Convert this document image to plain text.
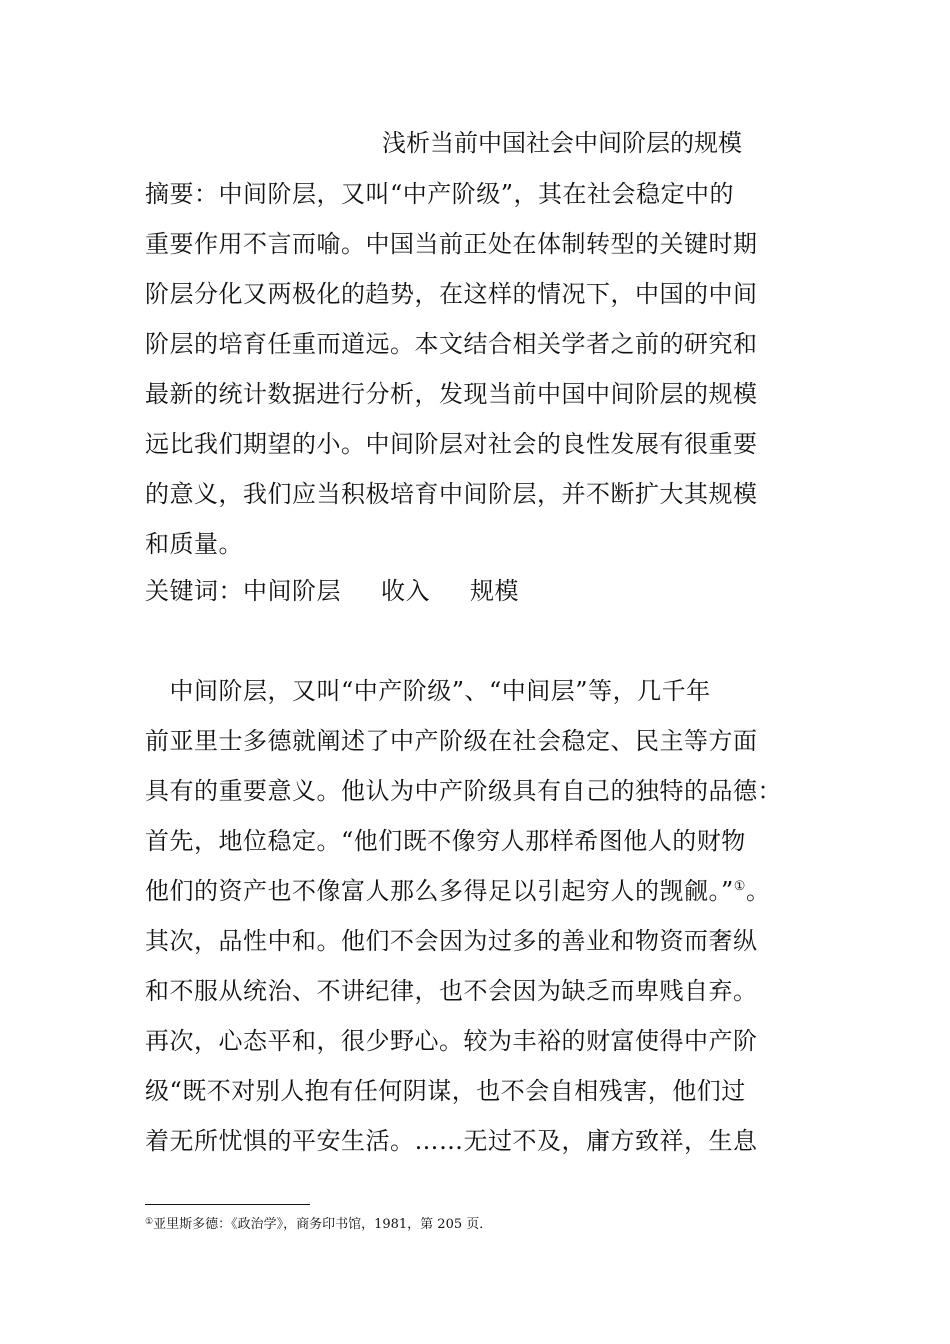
浅析当前中国社会中间阶层的规模
摘要：中间阶层，又叫“中产阶级”，其在社会稳定中的
重要作用不言而喻。中国当前正处在体制转型的关键时期
阶层分化又两极化的趋势，在这样的情况下，中国的中间
阶层的培育任重而道远。本文结合相关学者之前的研究和
最新的统计数据进行分析，发现当前中国中间阶层的规模
远比我们期望的小。中间阶层对社会的良性发展有很重要
的意义，我们应当积极培育中间阶层，并不断扩大其规模
和质量。
关键词：中间阶层 收入 规模
　中间阶层，又叫“中产阶级”、“中间层”等，几千年
前亚里士多德就阐述了中产阶级在社会稳定、民主等方面
具有的重要意义。他认为中产阶级具有自己的独特的品德：
首先，地位稳定。“他们既不像穷人那样希图他人的财物
他们的资产也不像富人那么多得足以引起穷人的觊觎。”①。
其次，品性中和。他们不会因为过多的善业和物资而奢纵
和不服从统治、不讲纪律，也不会因为缺乏而卑贱自弃。
再次，心态平和，很少野心。较为丰裕的财富使得中产阶
级“既不对别人抱有任何阴谋，也不会自相残害，他们过
着无所忧惧的平安生活。……无过不及，庸方致祥，生息
①亚里斯多德：《政治学》，商务印书馆，1981，第 205 页．
